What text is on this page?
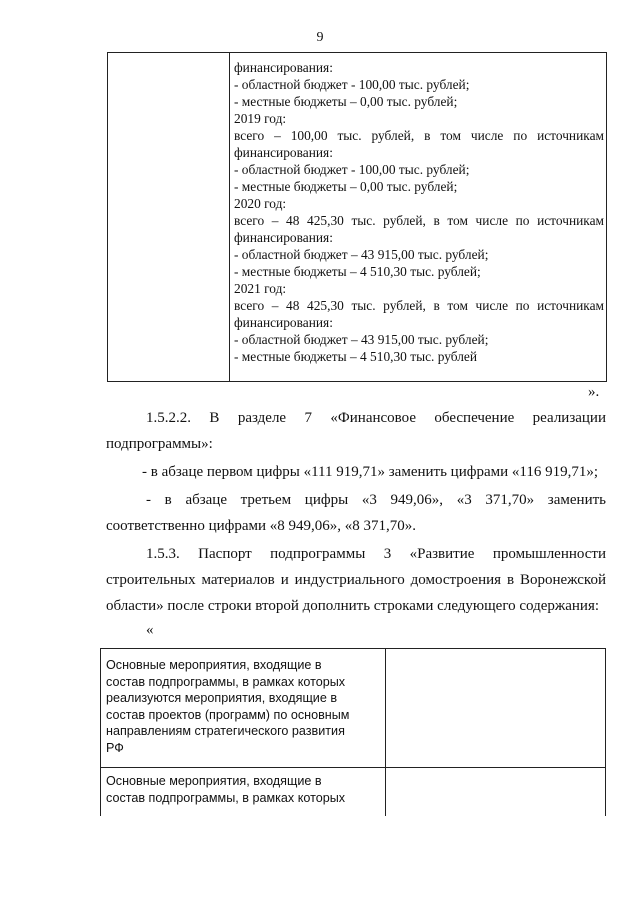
9
финансирования:
- областной бюджет - 100,00 тыс. рублей;
- местные бюджеты – 0,00 тыс. рублей;
2019 год:
всего – 100,00 тыс. рублей, в том числе по источникам
финансирования:
- областной бюджет - 100,00 тыс. рублей;
- местные бюджеты – 0,00 тыс. рублей;
2020 год:
всего – 48 425,30 тыс. рублей, в том числе по источникам
финансирования:
- областной бюджет – 43 915,00 тыс. рублей;
- местные бюджеты – 4 510,30 тыс. рублей;
2021 год:
всего – 48 425,30 тыс. рублей, в том числе по источникам
финансирования:
- областной бюджет – 43 915,00 тыс. рублей;
- местные бюджеты – 4 510,30 тыс. рублей
».
1.5.2.2. В разделе 7 «Финансовое обеспечение реализации
подпрограммы»:
- в абзаце первом цифры «111 919,71» заменить цифрами «116 919,71»;
- в абзаце третьем цифры «3 949,06», «3 371,70» заменить
соответственно цифрами «8 949,06», «8 371,70».
1.5.3. Паспорт подпрограммы 3 «Развитие промышленности
строительных материалов и индустриального домостроения в Воронежской
области» после строки второй дополнить строками следующего содержания:
«
Основные мероприятия, входящие в
состав подпрограммы, в рамках которых
реализуются мероприятия, входящие в
состав проектов (программ) по основным
направлениям стратегического развития
РФ
Основные мероприятия, входящие в
состав подпрограммы, в рамках которых
